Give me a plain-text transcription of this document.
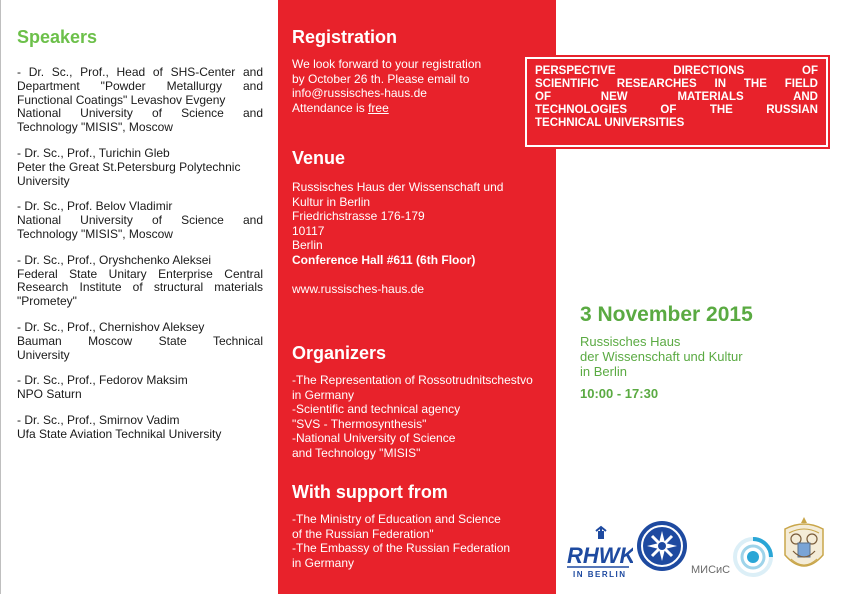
Speakers
- Dr. Sc., Prof., Head of SHS-Center and
Department "Powder Metallurgy and
Functional Coatings" Levashov Evgeny
National University of Science and
Technology "MISIS", Moscow
- Dr. Sc., Prof., Turichin Gleb
Peter the Great St.Petersburg Polytechnic
University
- Dr. Sc., Prof. Belov Vladimir
National University of Science and
Technology "MISIS", Moscow
- Dr. Sc., Prof., Oryshchenko Aleksei
Federal State Unitary Enterprise Central
Research Institute of structural materials
"Prometey"
- Dr. Sc., Prof., Chernishov Aleksey
Bauman Moscow State Technical
University
- Dr. Sc., Prof., Fedorov Maksim
NPO Saturn
- Dr. Sc., Prof., Smirnov Vadim
Ufa State Aviation Technikal University
Registration
We look forward to your registration
by October 26 th. Please email to
info@russisches-haus.de
Attendance is free
Venue
Russisches Haus der Wissenschaft und
Kultur in Berlin
Friedrichstrasse 176-179
10117
Berlin
Conference Hall #611 (6th Floor)
www.russisches-haus.de
Organizers
-The Representation of Rossotrudnitschestvo
in Germany
-Scientific and technical agency
"SVS - Thermosynthesis"
-National University of Science
and Technology "MISIS"
With support from
-The Ministry of Education and Science
of the Russian Federation"
-The Embassy of the Russian Federation
in Germany
PERSPECTIVE DIRECTIONS OF
SCIENTIFIC RESEARCHES IN THE FIELD
OF NEW MATERIALS AND
TECHNOLOGIES OF THE RUSSIAN
TECHNICAL UNIVERSITIES
3 November 2015
Russisches Haus
der Wissenschaft und Kultur
in Berlin
10:00 - 17:30
RHWK
IN BERLIN	МИСиС
